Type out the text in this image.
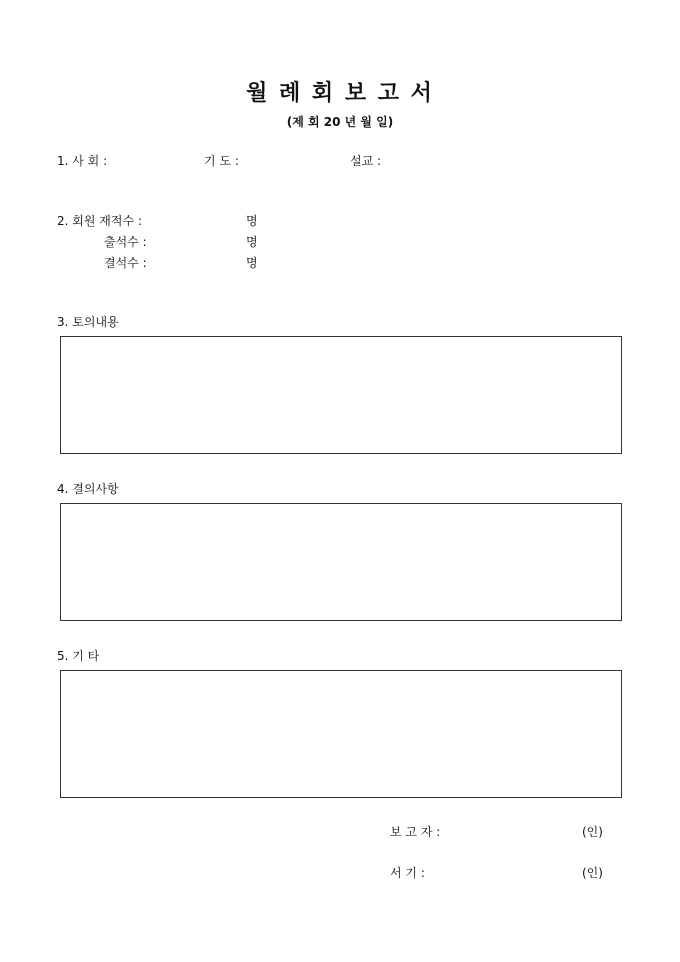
월 례 회 보 고 서
(제 회 20 년 월 일)
1. 사 회 :	기 도 :	설교 :
2. 회원 재적수 :	명
출석수 :	명
결석수 :	명
3. 토의내용
4. 결의사항
5. 기 타
보 고 자 :	(인)
서 기 :	(인)
